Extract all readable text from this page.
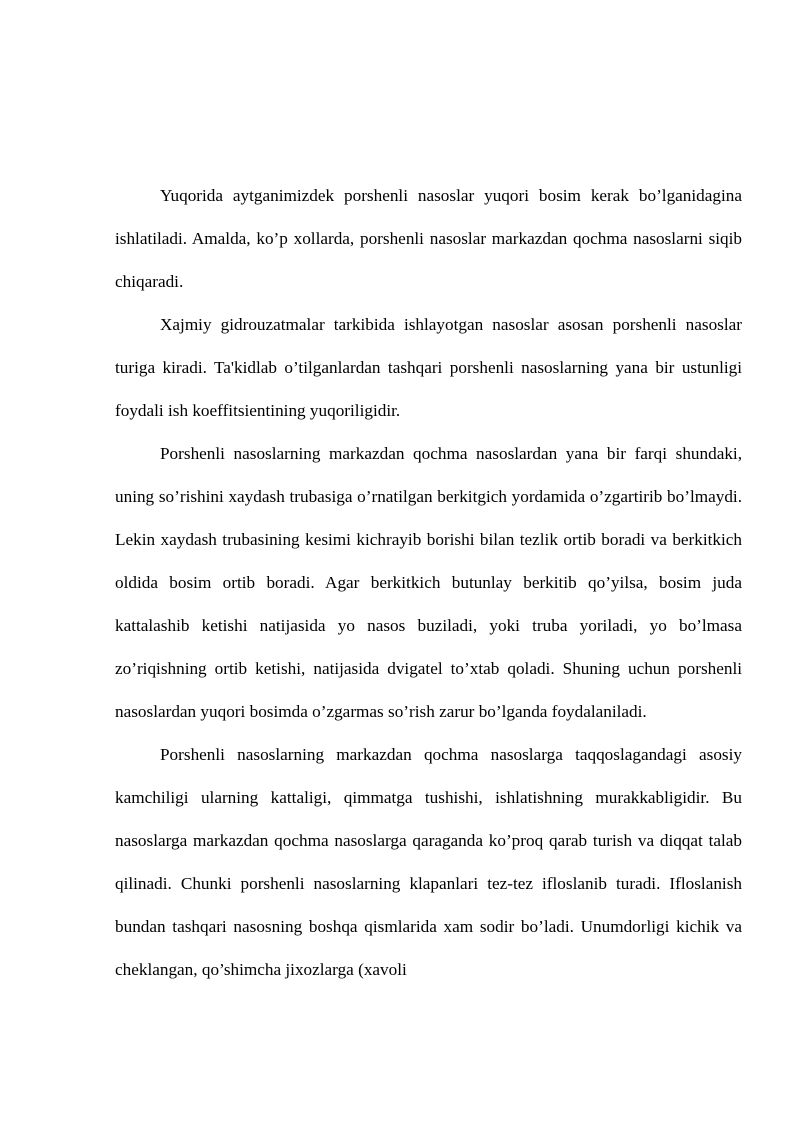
Yuqorida aytganimizdek porshenli nasoslar yuqori bosim kerak bo’lganidagina ishlatiladi. Amalda, ko’p xollarda, porshenli nasoslar markazdan qochma nasoslarni siqib chiqaradi.

Xajmiy gidrouzatmalar tarkibida ishlayotgan nasoslar asosan porshenli nasoslar turiga kiradi. Ta'kidlab o’tilganlardan tashqari porshenli nasoslarning yana bir ustunligi foydali ish koeffitsientining yuqoriligidir.

Porshenli nasoslarning markazdan qochma nasoslardan yana bir farqi shundaki, uning so’rishini xaydash trubasiga o’rnatilgan berkitgich yordamida o’zgartirib bo’lmaydi. Lekin xaydash trubasining kesimi kichrayib borishi bilan tezlik ortib boradi va berkitkich oldida bosim ortib boradi. Agar berkitkich butunlay berkitib qo’yilsa, bosim juda kattalashib ketishi natijasida yo nasos buziladi, yoki truba yoriladi, yo bo’lmasa zo’riqishning ortib ketishi, natijasida dvigatel to’xtab qoladi. Shuning uchun porshenli nasoslardan yuqori bosimda o’zgarmas so’rish zarur bo’lganda foydalaniladi.

Porshenli nasoslarning markazdan qochma nasoslarga taqqoslagandagi asosiy kamchiligi ularning kattaligi, qimmatga tushishi, ishlatishning murakkabligidir. Bu nasoslarga markazdan qochma nasoslarga qaraganda ko’proq qarab turish va diqqat talab qilinadi. Chunki porshenli nasoslarning klapanlari tez-tez ifloslanib turadi. Ifloslanish bundan tashqari nasosning boshqa qismlarida xam sodir bo’ladi. Unumdorligi kichik va cheklangan, qo’shimcha jixozlarga (xavoli
